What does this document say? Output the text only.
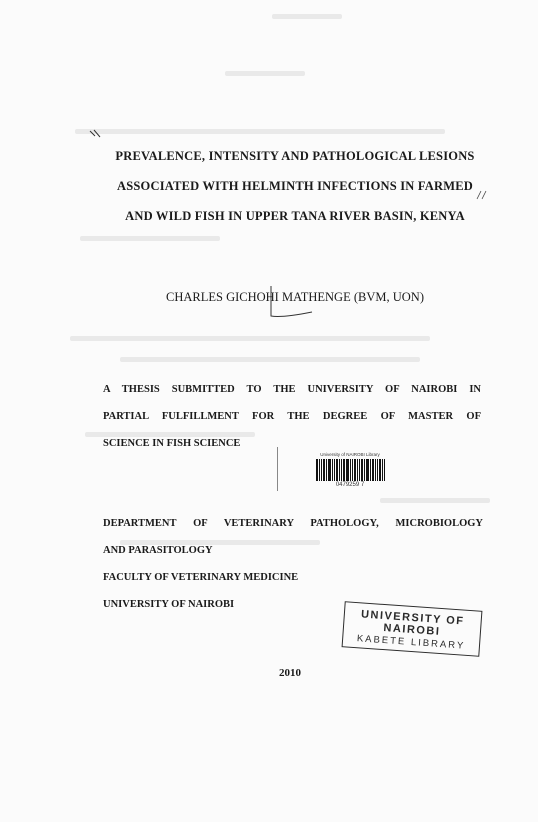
PREVALENCE, INTENSITY AND PATHOLOGICAL LESIONS
ASSOCIATED WITH HELMINTH INFECTIONS IN FARMED
AND WILD FISH IN UPPER TANA RIVER BASIN, KENYA
CHARLES GICHOHI MATHENGE (BVM, UON)
A THESIS SUBMITTED TO THE UNIVERSITY OF NAIROBI IN
PARTIAL FULFILLMENT FOR THE DEGREE OF MASTER OF
SCIENCE IN FISH SCIENCE
University of NAIROBI Library
0479259 7
DEPARTMENT OF VETERINARY PATHOLOGY, MICROBIOLOGY
AND PARASITOLOGY
FACULTY OF VETERINARY MEDICINE
UNIVERSITY OF NAIROBI
UNIVERSITY OF NAIROBI
KABETE LIBRARY
2010
